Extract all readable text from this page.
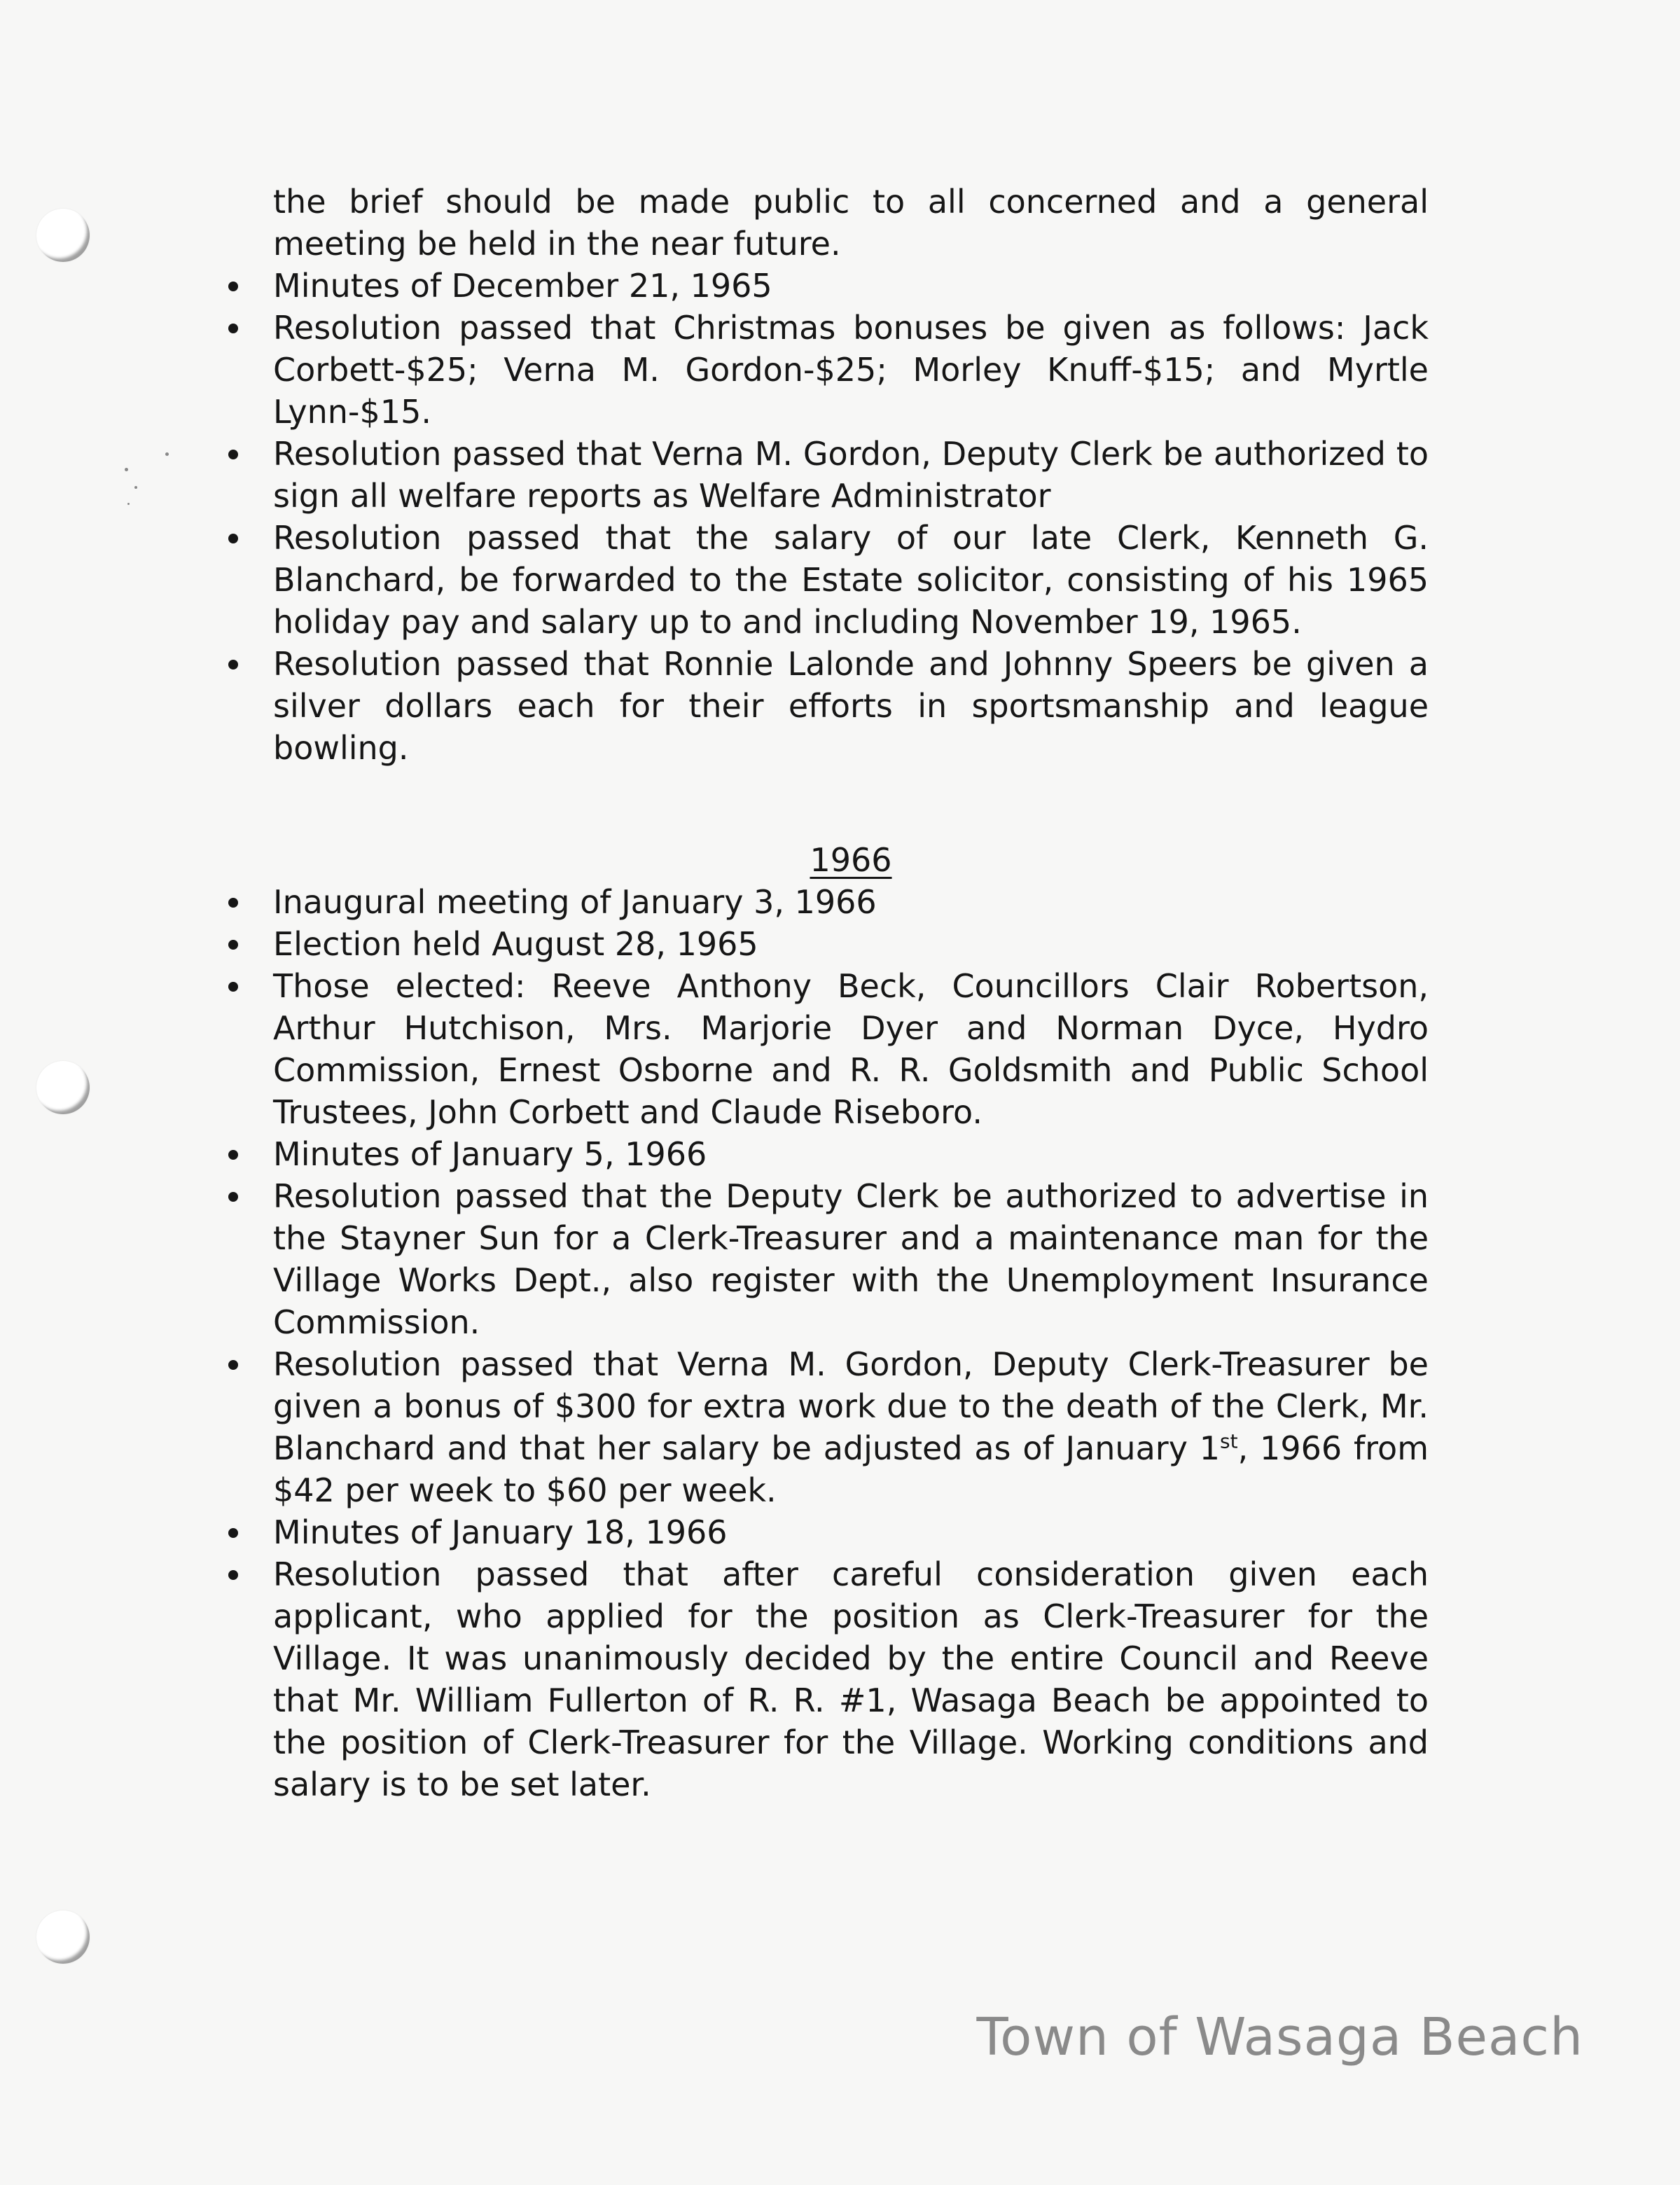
the brief should be made public to all concerned and a general meeting be held in the near future.

Minutes of December 21, 1965
Resolution passed that Christmas bonuses be given as follows: Jack Corbett-$25; Verna M. Gordon-$25; Morley Knuff-$15; and Myrtle Lynn-$15.
Resolution passed that Verna M. Gordon, Deputy Clerk be authorized to sign all welfare reports as Welfare Administrator
Resolution passed that the salary of our late Clerk, Kenneth G. Blanchard, be forwarded to the Estate solicitor, consisting of his 1965 holiday pay and salary up to and including November 19, 1965.
Resolution passed that Ronnie Lalonde and Johnny Speers be given a silver dollars each for their efforts in sportsmanship and league bowling.
1966
Inaugural meeting of January 3, 1966
Election held August 28, 1965
Those elected: Reeve Anthony Beck, Councillors Clair Robertson, Arthur Hutchison, Mrs. Marjorie Dyer and Norman Dyce, Hydro Commission, Ernest Osborne and R. R. Goldsmith and Public School Trustees, John Corbett and Claude Riseboro.
Minutes of January 5, 1966
Resolution passed that the Deputy Clerk be authorized to advertise in the Stayner Sun for a Clerk-Treasurer and a maintenance man for the Village Works Dept., also register with the Unemployment Insurance Commission.
Resolution passed that Verna M. Gordon, Deputy Clerk-Treasurer be given a bonus of $300 for extra work due to the death of the Clerk, Mr. Blanchard and that her salary be adjusted as of January 1st, 1966 from $42 per week to $60 per week.
Minutes of January 18, 1966
Resolution passed that after careful consideration given each applicant, who applied for the position as Clerk-Treasurer for the Village. It was unanimously decided by the entire Council and Reeve that Mr. William Fullerton of R. R. #1, Wasaga Beach be appointed to the position of Clerk-Treasurer for the Village. Working conditions and salary is to be set later.
Town of Wasaga Beach
